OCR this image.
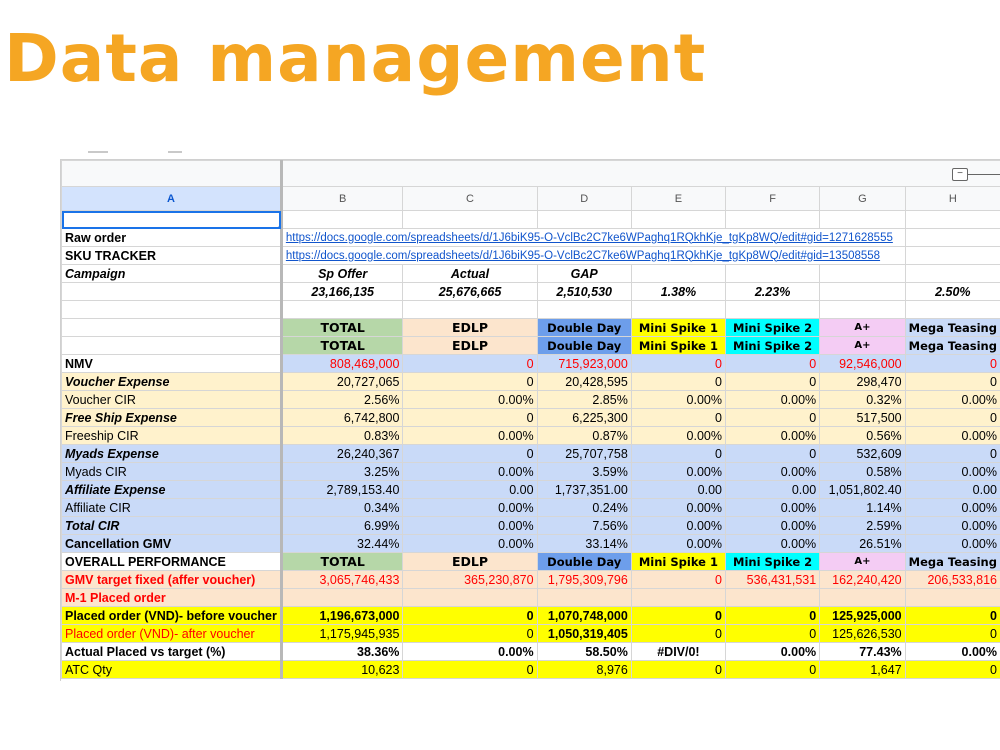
Data management

	−						

A	B	C	D	E	F	G	H

Raw order	https://docs.google.com/spreadsheets/d/1J6biK95-O-VclBc2C7ke6WPaghq1RQkhKje_tgKp8WQ/edit#gid=1271628555						
SKU TRACKER	https://docs.google.com/spreadsheets/d/1J6biK95-O-VclBc2C7ke6WPaghq1RQkhKje_tgKp8WQ/edit#gid=13508558						
Campaign	Sp Offer	Actual	GAP				
	23,166,135	25,676,665	2,510,530	1.38%	2.23%		2.50%

	TOTAL	EDLP	Double Day	Mini Spike 1	Mini Spike 2	A+	Mega Teasing
	TOTAL	EDLP	Double Day	Mini Spike 1	Mini Spike 2	A+	Mega Teasing
NMV	808,469,000	0	715,923,000	0	0	92,546,000	0
Voucher Expense	20,727,065	0	20,428,595	0	0	298,470	0
Voucher CIR	2.56%	0.00%	2.85%	0.00%	0.00%	0.32%	0.00%
Free Ship Expense	6,742,800	0	6,225,300	0	0	517,500	0
Freeship CIR	0.83%	0.00%	0.87%	0.00%	0.00%	0.56%	0.00%
Myads Expense	26,240,367	0	25,707,758	0	0	532,609	0
Myads CIR	3.25%	0.00%	3.59%	0.00%	0.00%	0.58%	0.00%
Affiliate Expense	2,789,153.40	0.00	1,737,351.00	0.00	0.00	1,051,802.40	0.00
Affiliate CIR	0.34%	0.00%	0.24%	0.00%	0.00%	1.14%	0.00%
Total CIR	6.99%	0.00%	7.56%	0.00%	0.00%	2.59%	0.00%
Cancellation GMV	32.44%	0.00%	33.14%	0.00%	0.00%	26.51%	0.00%
OVERALL PERFORMANCE	TOTAL	EDLP	Double Day	Mini Spike 1	Mini Spike 2	A+	Mega Teasing
GMV target fixed (affer voucher)	3,065,746,433	365,230,870	1,795,309,796	0	536,431,531	162,240,420	206,533,816
M-1 Placed order							
Placed order (VND)- before voucher	1,196,673,000	0	1,070,748,000	0	0	125,925,000	0
Placed order (VND)- after voucher	1,175,945,935	0	1,050,319,405	0	0	125,626,530	0
Actual Placed vs target (%)	38.36%	0.00%	58.50%	#DIV/0!	0.00%	77.43%	0.00%
ATC Qty	10,623	0	8,976	0	0	1,647	0
